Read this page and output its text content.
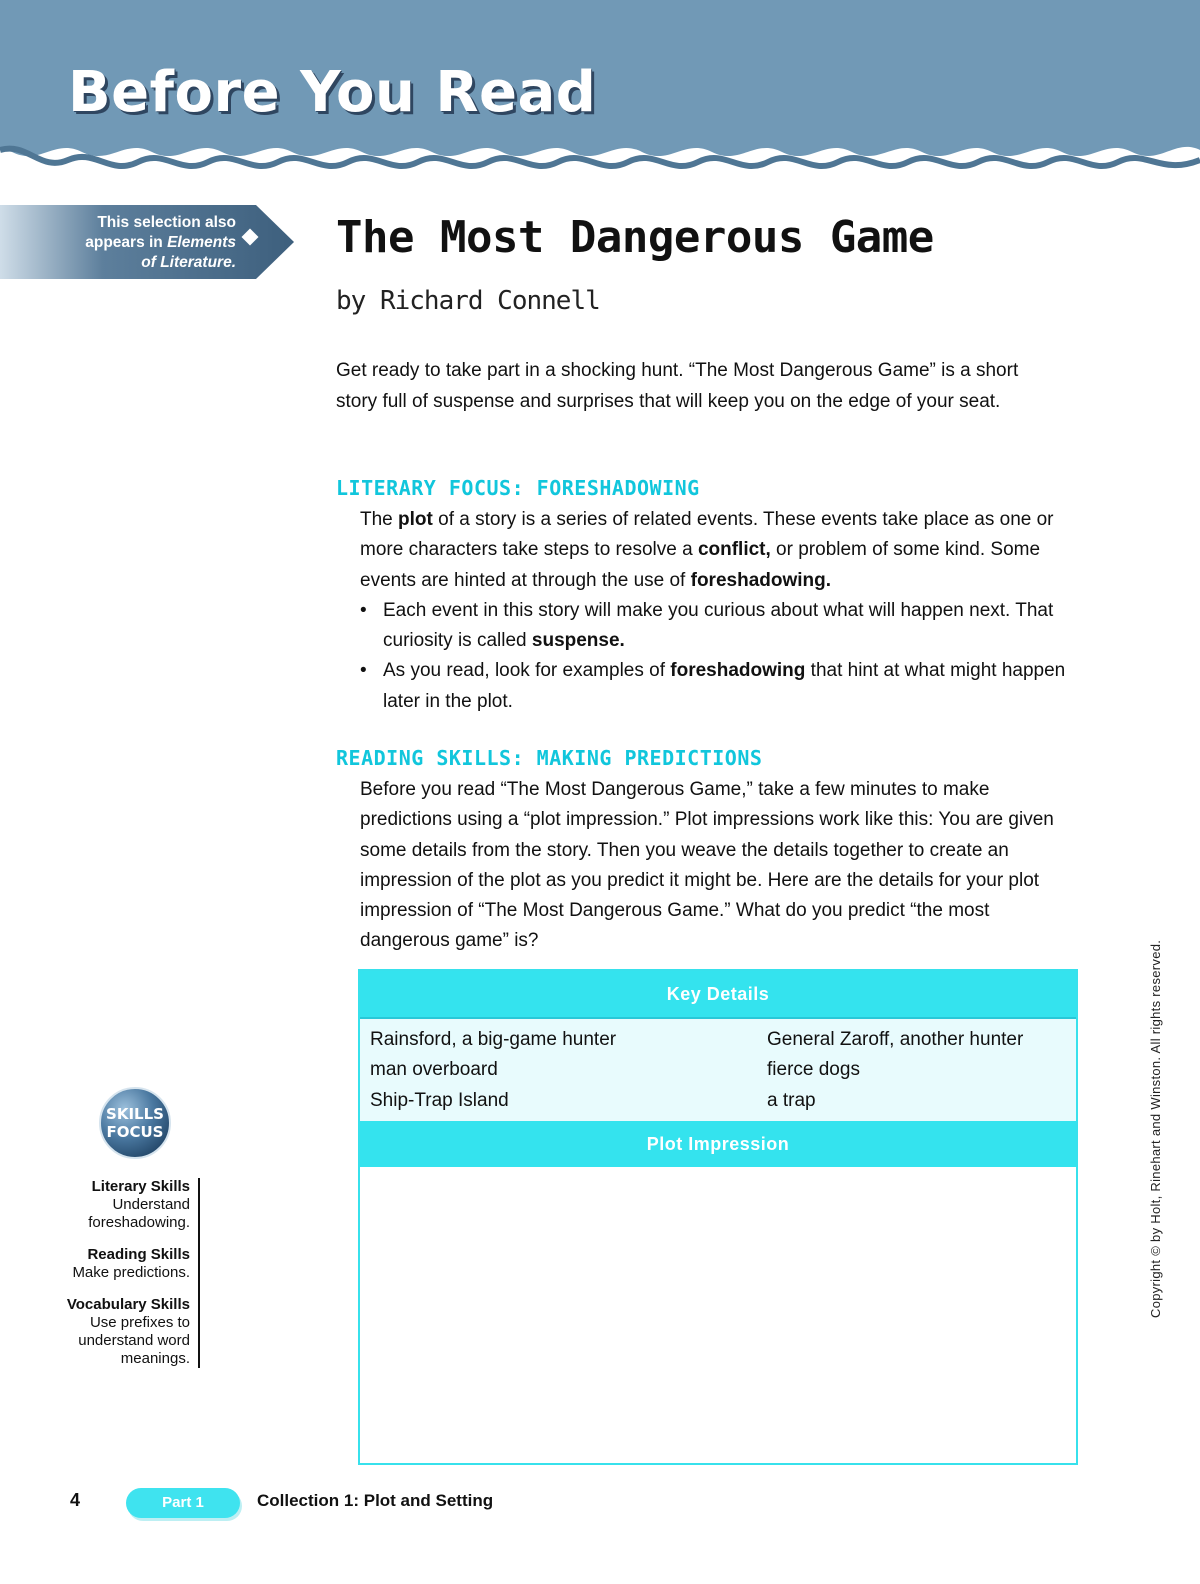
Before You Read
This selection also
appears in Elements
of Literature. The Most Dangerous Game

by Richard Connell

Get ready to take part in a shocking hunt. “The Most Dangerous Game” is a short story full of suspense and surprises that will keep you on the edge of your seat.

LITERARY FOCUS: FORESHADOWING

The plot of a story is a series of related events. These events take place as one or more characters take steps to resolve a conflict, or problem of some kind. Some events are hinted at through the use of foreshadowing.

• Each event in this story will make you curious about what will happen next. That curiosity is called suspense.
• As you read, look for examples of foreshadowing that hint at what might happen later in the plot.
READING SKILLS: MAKING PREDICTIONS

Before you read “The Most Dangerous Game,” take a few minutes to make predictions using a “plot impression.” Plot impressions work like this: You are given some details from the story. Then you weave the details together to create an impression of the plot as you predict it might be. Here are the details for your plot impression of “The Most Dangerous Game.” What do you predict “the most dangerous game” is?

Key Details
Rainsford, a big-game hunter
man overboard
Ship-Trap Island
General Zaroff, another hunter
fierce dogs
a trap
Plot Impression
SKILLS
FOCUS
Literary Skills
Understand foreshadowing.
Reading Skills
Make predictions.
Vocabulary Skills
Use prefixes to understand word meanings.
Copyright © by Holt, Rinehart and Winston. All rights reserved.
4	Part 1	Collection 1: Plot and Setting
